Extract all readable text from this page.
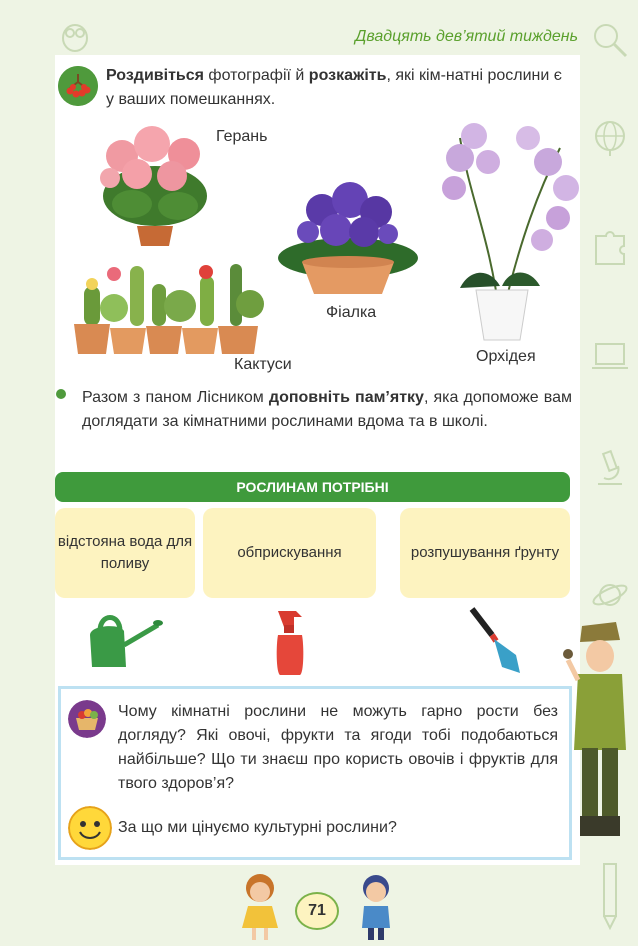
Двадцять дев’ятий тиждень
Роздивіться фотографії й розкажіть, які кім-натні рослини є у ваших помешканнях.
Герань
Фіалка
Орхідея
Кактуси
Разом з паном Лісником доповніть пам’ятку, яка допоможе вам доглядати за кімнатними рослинами вдома та в школі.
РОСЛИНАМ ПОТРІБНІ
відстояна вода для поливу
обприскування	розпушування ґрунту
Чому кімнатні рослини не можуть гарно рости без догляду? Які овочі, фрукти та ягоди тобі подобаються найбільше? Що ти знаєш про користь овочів і фруктів для твого здоров’я?
За що ми цінуємо культурні рослини?
71
